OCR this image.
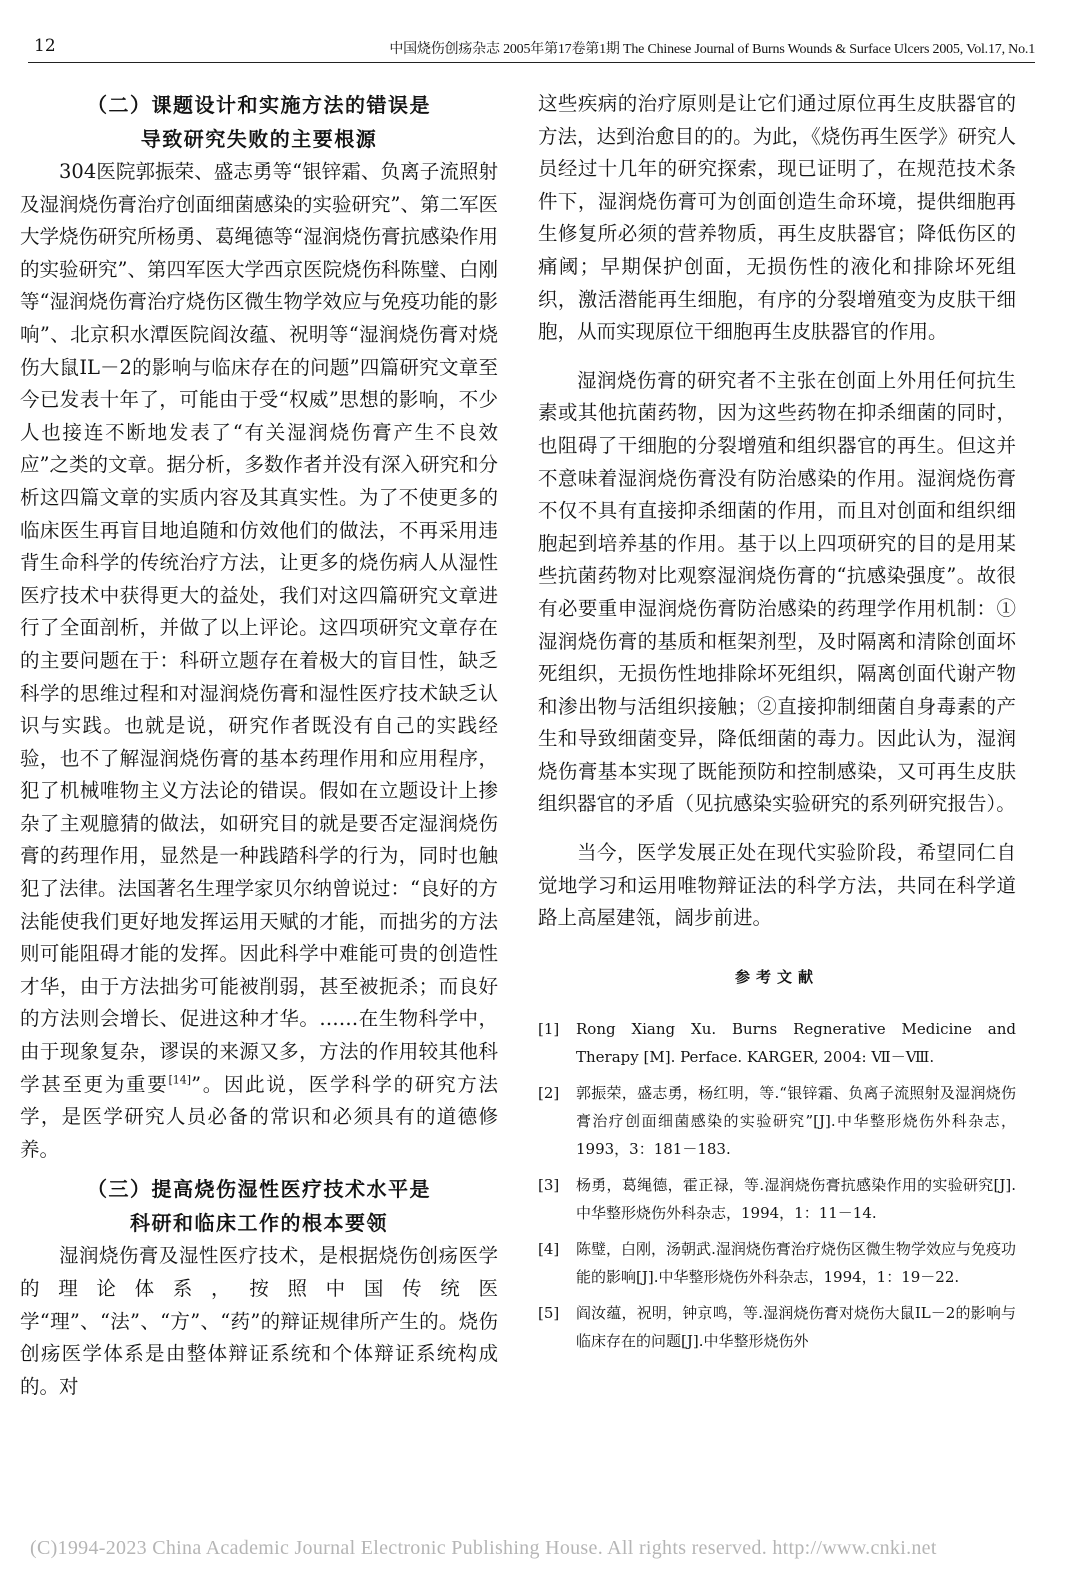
12	中国烧伤创疡杂志 2005年第17卷第1期 The Chinese Journal of Burns Wounds & Surface Ulcers 2005, Vol.17, No.1
（二）课题设计和实施方法的错误是
导致研究失败的主要根源

304医院郭振荣、盛志勇等“银锌霜、负离子流照射及湿润烧伤膏治疗创面细菌感染的实验研究”、第二军医大学烧伤研究所杨勇、葛绳德等“湿润烧伤膏抗感染作用的实验研究”、第四军医大学西京医院烧伤科陈璧、白刚等“湿润烧伤膏治疗烧伤区微生物学效应与免疫功能的影响”、北京积水潭医院阎汝蕴、祝明等“湿润烧伤膏对烧伤大鼠IL－2的影响与临床存在的问题”四篇研究文章至今已发表十年了，可能由于受“权威”思想的影响，不少人也接连不断地发表了“有关湿润烧伤膏产生不良效应”之类的文章。据分析，多数作者并没有深入研究和分析这四篇文章的实质内容及其真实性。为了不使更多的临床医生再盲目地追随和仿效他们的做法，不再采用违背生命科学的传统治疗方法，让更多的烧伤病人从湿性医疗技术中获得更大的益处，我们对这四篇研究文章进行了全面剖析，并做了以上评论。这四项研究文章存在的主要问题在于：科研立题存在着极大的盲目性，缺乏科学的思维过程和对湿润烧伤膏和湿性医疗技术缺乏认识与实践。也就是说，研究作者既没有自己的实践经验，也不了解湿润烧伤膏的基本药理作用和应用程序，犯了机械唯物主义方法论的错误。假如在立题设计上掺杂了主观臆猜的做法，如研究目的就是要否定湿润烧伤膏的药理作用，显然是一种践踏科学的行为，同时也触犯了法律。法国著名生理学家贝尔纳曾说过：“良好的方法能使我们更好地发挥运用天赋的才能，而拙劣的方法则可能阻碍才能的发挥。因此科学中难能可贵的创造性才华，由于方法拙劣可能被削弱，甚至被扼杀；而良好的方法则会增长、促进这种才华。……在生物科学中，由于现象复杂，谬误的来源又多，方法的作用较其他科学甚至更为重要[14]”。因此说，医学科学的研究方法学，是医学研究人员必备的常识和必须具有的道德修养。

（三）提高烧伤湿性医疗技术水平是
科研和临床工作的根本要领

湿润烧伤膏及湿性医疗技术，是根据烧伤创疡医学的理论体系，按照中国传统医学“理”、“法”、“方”、“药”的辩证规律所产生的。烧伤创疡医学体系是由整体辩证系统和个体辩证系统构成的。对

这些疾病的治疗原则是让它们通过原位再生皮肤器官的方法，达到治愈目的的。为此，《烧伤再生医学》研究人员经过十几年的研究探索，现已证明了，在规范技术条件下，湿润烧伤膏可为创面创造生命环境，提供细胞再生修复所必须的营养物质，再生皮肤器官；降低伤区的痛阈；早期保护创面，无损伤性的液化和排除坏死组织，激活潜能再生细胞，有序的分裂增殖变为皮肤干细胞，从而实现原位干细胞再生皮肤器官的作用。

湿润烧伤膏的研究者不主张在创面上外用任何抗生素或其他抗菌药物，因为这些药物在抑杀细菌的同时，也阻碍了干细胞的分裂增殖和组织器官的再生。但这并不意味着湿润烧伤膏没有防治感染的作用。湿润烧伤膏不仅不具有直接抑杀细菌的作用，而且对创面和组织细胞起到培养基的作用。基于以上四项研究的目的是用某些抗菌药物对比观察湿润烧伤膏的“抗感染强度”。故很有必要重申湿润烧伤膏防治感染的药理学作用机制：①湿润烧伤膏的基质和框架剂型，及时隔离和清除创面坏死组织，无损伤性地排除坏死组织，隔离创面代谢产物和渗出物与活组织接触；②直接抑制细菌自身毒素的产生和导致细菌变异，降低细菌的毒力。因此认为，湿润烧伤膏基本实现了既能预防和控制感染，又可再生皮肤组织器官的矛盾（见抗感染实验研究的系列研究报告）。

当今，医学发展正处在现代实验阶段，希望同仁自觉地学习和运用唯物辩证法的科学方法，共同在科学道路上高屋建瓴，阔步前进。

参考文献
[1]	Rong Xiang Xu. Burns Regnerative Medicine and Therapy [M]. Perface. KARGER, 2004: Ⅶ－Ⅷ.
[2]	郭振荣，盛志勇，杨红明，等.“银锌霜、负离子流照射及湿润烧伤膏治疗创面细菌感染的实验研究”[J].中华整形烧伤外科杂志，1993，3：181－183.
[3]	杨勇，葛绳德，霍正禄，等.湿润烧伤膏抗感染作用的实验研究[J].中华整形烧伤外科杂志，1994，1：11－14.
[4]	陈璧，白刚，汤朝武.湿润烧伤膏治疗烧伤区微生物学效应与免疫功能的影响[J].中华整形烧伤外科杂志，1994，1：19－22.
[5]	阎汝蕴，祝明，钟京鸣，等.湿润烧伤膏对烧伤大鼠IL－2的影响与临床存在的问题[J].中华整形烧伤外
(C)1994-2023 China Academic Journal Electronic Publishing House. All rights reserved. http://www.cnki.net
